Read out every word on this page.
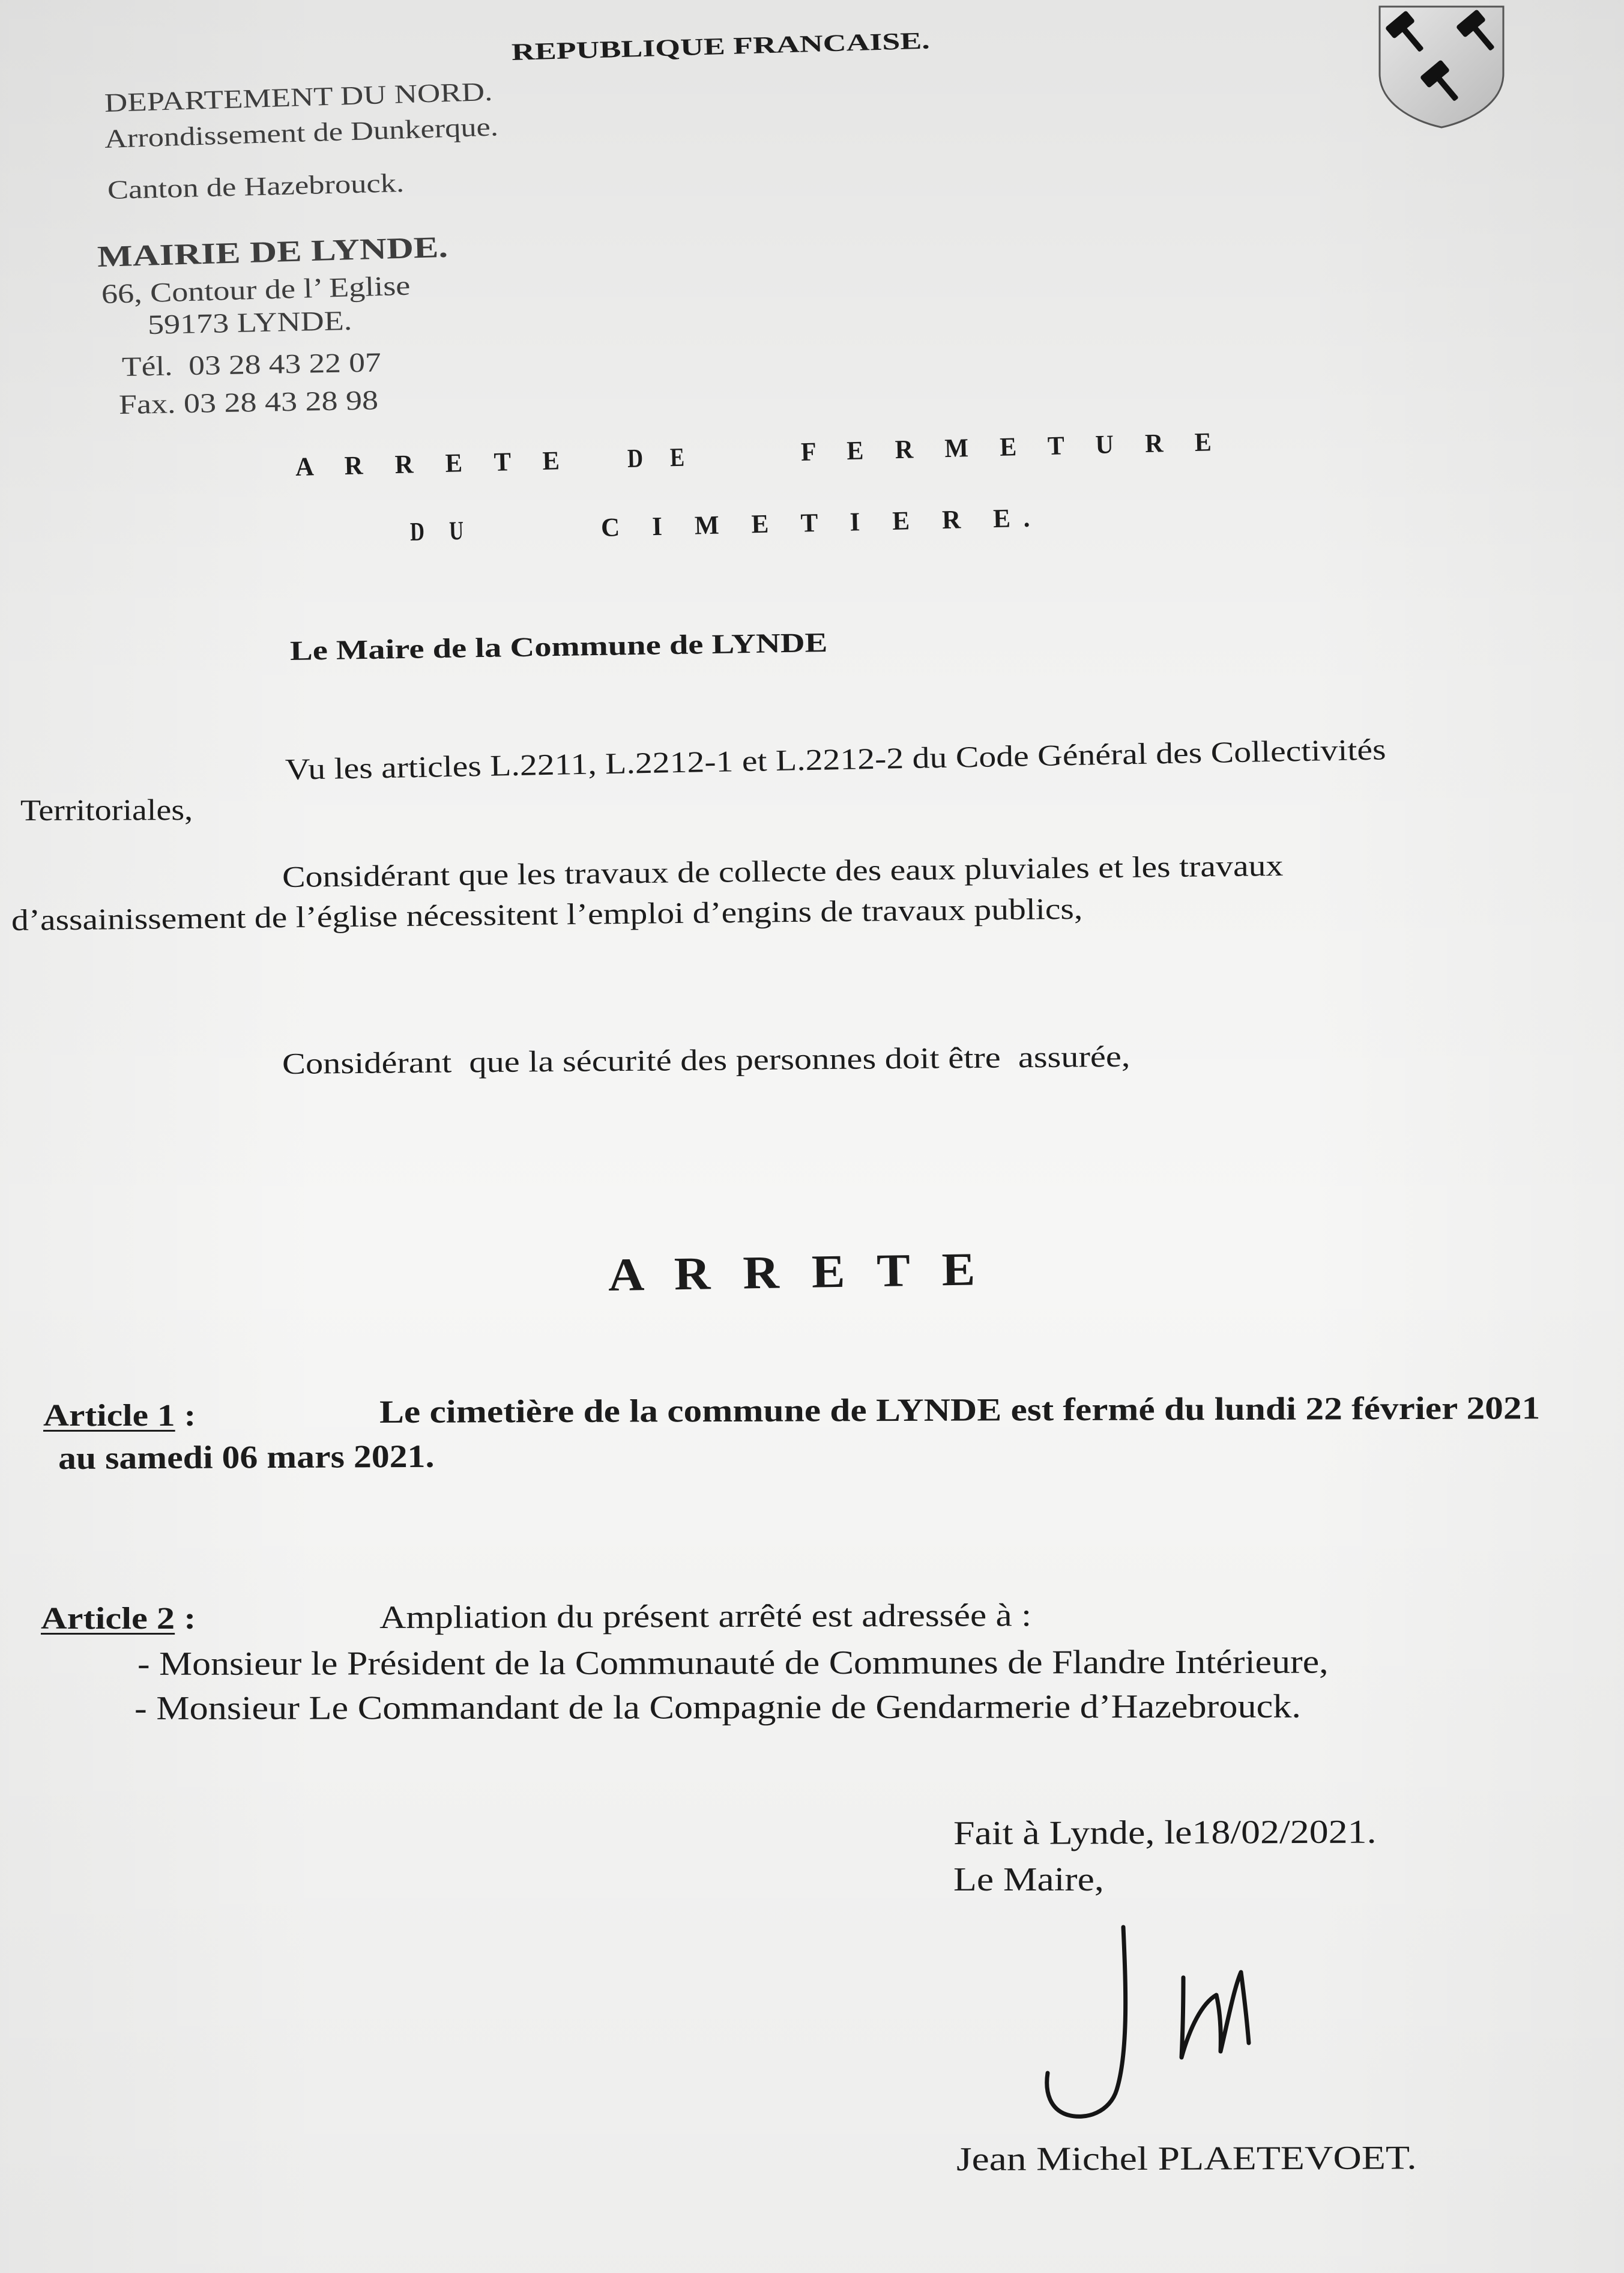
REPUBLIQUE FRANCAISE.
DEPARTEMENT DU NORD.
Arrondissement de Dunkerque.
Canton de Hazebrouck.
MAIRIE DE LYNDE.
66, Contour de l’ Eglise
59173 LYNDE.
Tél. 03 28 43 22 07
Fax. 03 28 43 28 98
A R R E T E D E	F E R M E T U R E
D U	C I M E T I E R E.
Le Maire de la Commune de LYNDE
Vu les articles L.2211, L.2212-1 et L.2212-2 du Code Général des Collectivités
Territoriales,
Considérant que les travaux de collecte des eaux pluviales et les travaux
d’assainissement de l’église nécessitent l’emploi d’engins de travaux publics,
Considérant  que la sécurité des personnes doit être  assurée,
A R R E T E
Article 1 :	Le cimetière de la commune de LYNDE est fermé du lundi 22 février 2021
au samedi 06 mars 2021.
Article 2 :	Ampliation du présent arrêté est adressée à :
- Monsieur le Président de la Communauté de Communes de Flandre Intérieure,
- Monsieur Le Commandant de la Compagnie de Gendarmerie d’Hazebrouck.
Fait à Lynde, le18/02/2021.
Le Maire,
Jean Michel PLAETEVOET.
